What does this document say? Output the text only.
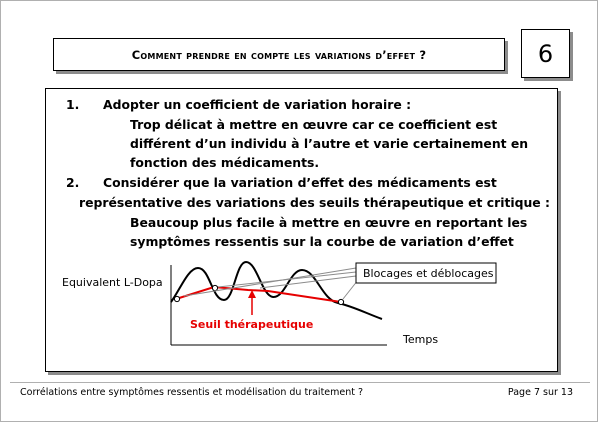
Comment prendre en compte les variations d’effet ?	6
1. Adopter un coefficient de variation horaire :
Trop délicat à mettre en œuvre car ce coefficient est
différent d’un individu à l’autre et varie certainement en
fonction des médicaments.
2. Considérer que la variation d’effet des médicaments est
représentative des variations des seuils thérapeutique et critique :
Beaucoup plus facile à mettre en œuvre en reportant les
symptômes ressentis sur la courbe de variation d’effet
Blocages et déblocages
Equivalent L-Dopa
Temps
Seuil thérapeutique
Corrélations entre symptômes ressentis et modélisation du traitement ?	Page 7 sur 13
